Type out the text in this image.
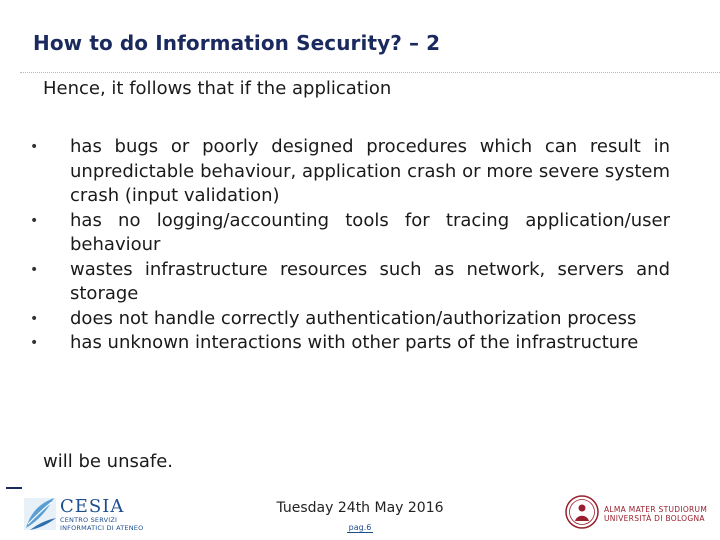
How to do Information Security? – 2
Hence, it follows that if the application
•	has bugs or poorly designed procedures which can result in unpredictable behaviour, application crash or more severe system crash (input validation)
•	has no logging/accounting tools for tracing application/user behaviour
•	wastes infrastructure resources such as network, servers and storage
•	does not handle correctly authentication/authorization process
•	has unknown interactions with other parts of the infrastructure
will be unsafe.
CESIA
CENTRO SERVIZI
INFORMATICI DI ATENEO
Tuesday 24th May 2016
pag.6
ALMA MATER STUDIORUM
UNIVERSITÀ DI BOLOGNA
